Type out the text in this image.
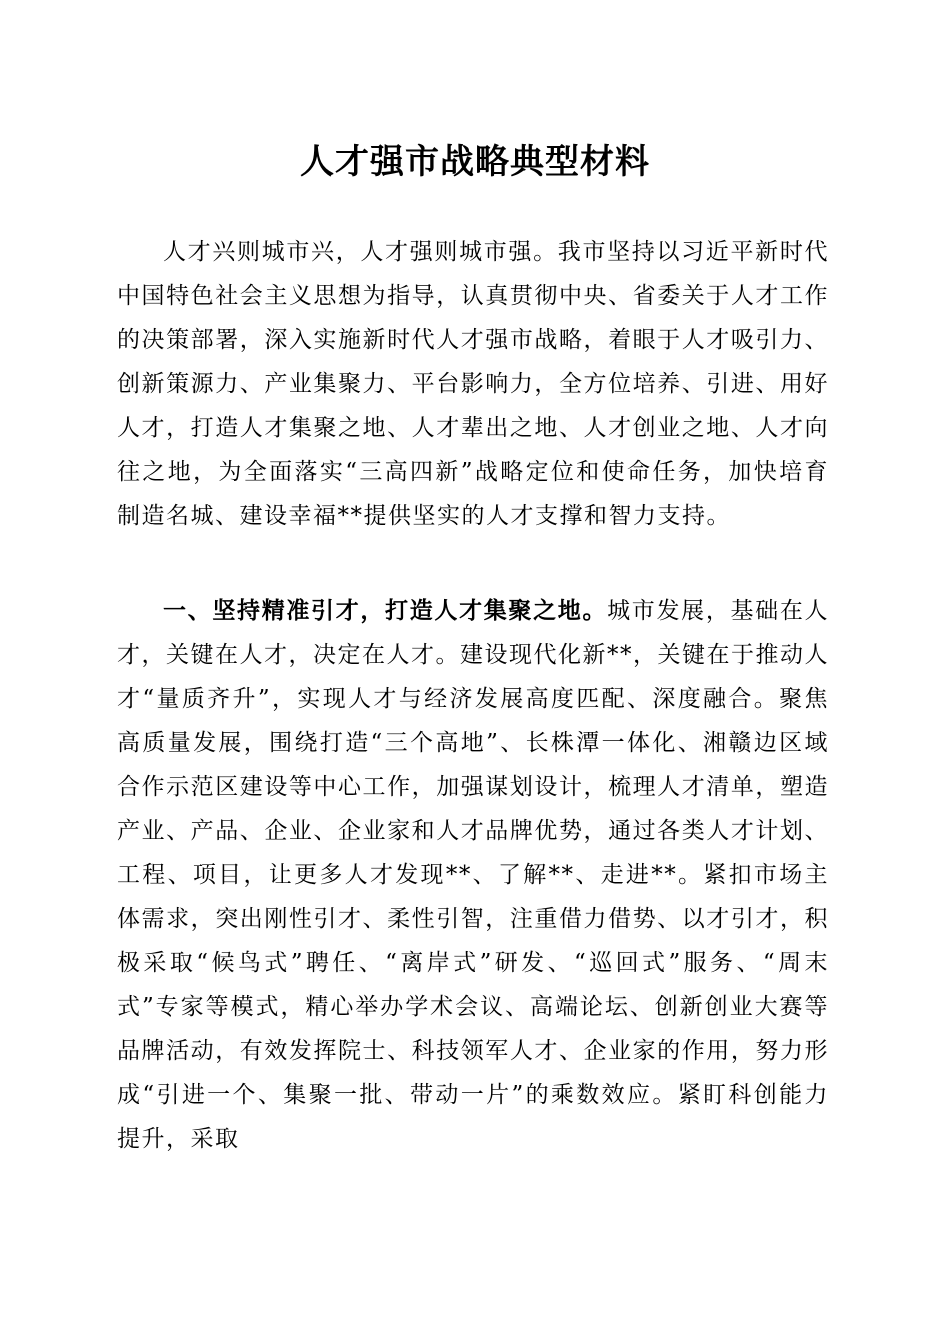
人才强市战略典型材料

人才兴则城市兴，人才强则城市强。我市坚持以习近平新时代中国特色社会主义思想为指导，认真贯彻中央、省委关于人才工作的决策部署，深入实施新时代人才强市战略，着眼于人才吸引力、创新策源力、产业集聚力、平台影响力，全方位培养、引进、用好人才，打造人才集聚之地、人才辈出之地、人才创业之地、人才向往之地，为全面落实“三高四新”战略定位和使命任务，加快培育制造名城、建设幸福**提供坚实的人才支撑和智力支持。

一、坚持精准引才，打造人才集聚之地。城市发展，基础在人才，关键在人才，决定在人才。建设现代化新**，关键在于推动人才“量质齐升”，实现人才与经济发展高度匹配、深度融合。聚焦高质量发展，围绕打造“三个高地”、长株潭一体化、湘赣边区域合作示范区建设等中心工作，加强谋划设计，梳理人才清单，塑造产业、产品、企业、企业家和人才品牌优势，通过各类人才计划、工程、项目，让更多人才发现**、了解**、走进**。紧扣市场主体需求，突出刚性引才、柔性引智，注重借力借势、以才引才，积极采取“候鸟式”聘任、“离岸式”研发、“巡回式”服务、“周末式”专家等模式，精心举办学术会议、高端论坛、创新创业大赛等品牌活动，有效发挥院士、科技领军人才、企业家的作用，努力形成“引进一个、集聚一批、带动一片”的乘数效应。紧盯科创能力提升，采取
